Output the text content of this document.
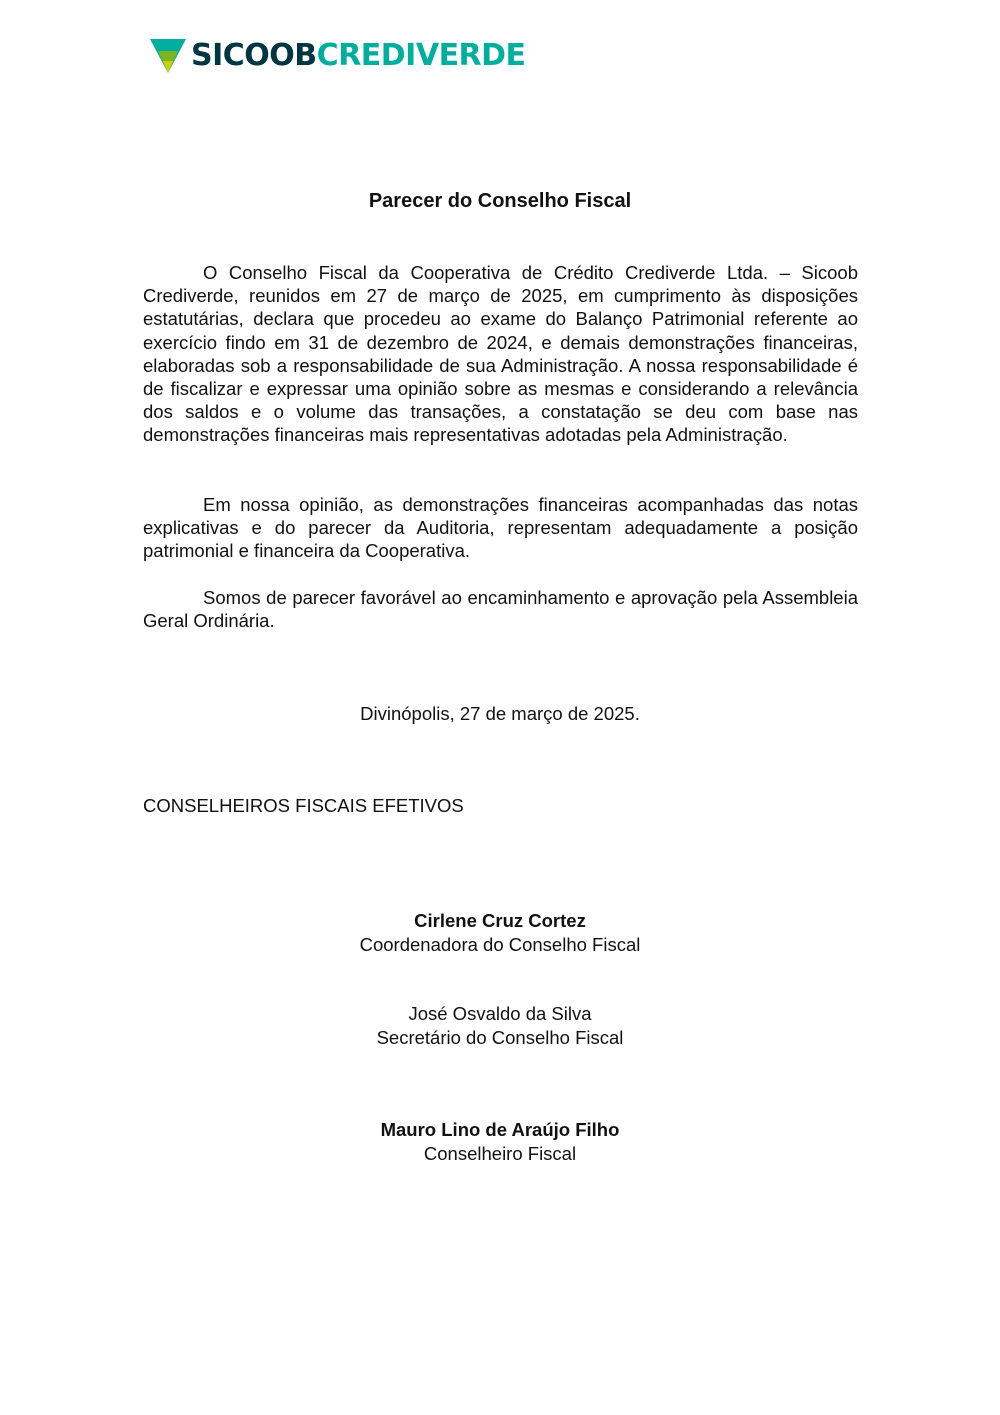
SICOOBCREDIVERDE
Parecer do Conselho Fiscal

O Conselho Fiscal da Cooperativa de Crédito Crediverde Ltda. – Sicoob Crediverde, reunidos em 27 de março de 2025, em cumprimento às disposições estatutárias, declara que procedeu ao exame do Balanço Patrimonial referente ao exercício findo em 31 de dezembro de 2024, e demais demonstrações financeiras, elaboradas sob a responsabilidade de sua Administração. A nossa responsabilidade é de fiscalizar e expressar uma opinião sobre as mesmas e considerando a relevância dos saldos e o volume das transações, a constatação se deu com base nas demonstrações financeiras mais representativas adotadas pela Administração.

Em nossa opinião, as demonstrações financeiras acompanhadas das notas explicativas e do parecer da Auditoria, representam adequadamente a posição patrimonial e financeira da Cooperativa.

Somos de parecer favorável ao encaminhamento e aprovação pela Assembleia Geral Ordinária.

Divinópolis, 27 de março de 2025.
CONSELHEIROS FISCAIS EFETIVOS
Cirlene Cruz Cortez
Coordenadora do Conselho Fiscal
José Osvaldo da Silva
Secretário do Conselho Fiscal
Mauro Lino de Araújo Filho
Conselheiro Fiscal
